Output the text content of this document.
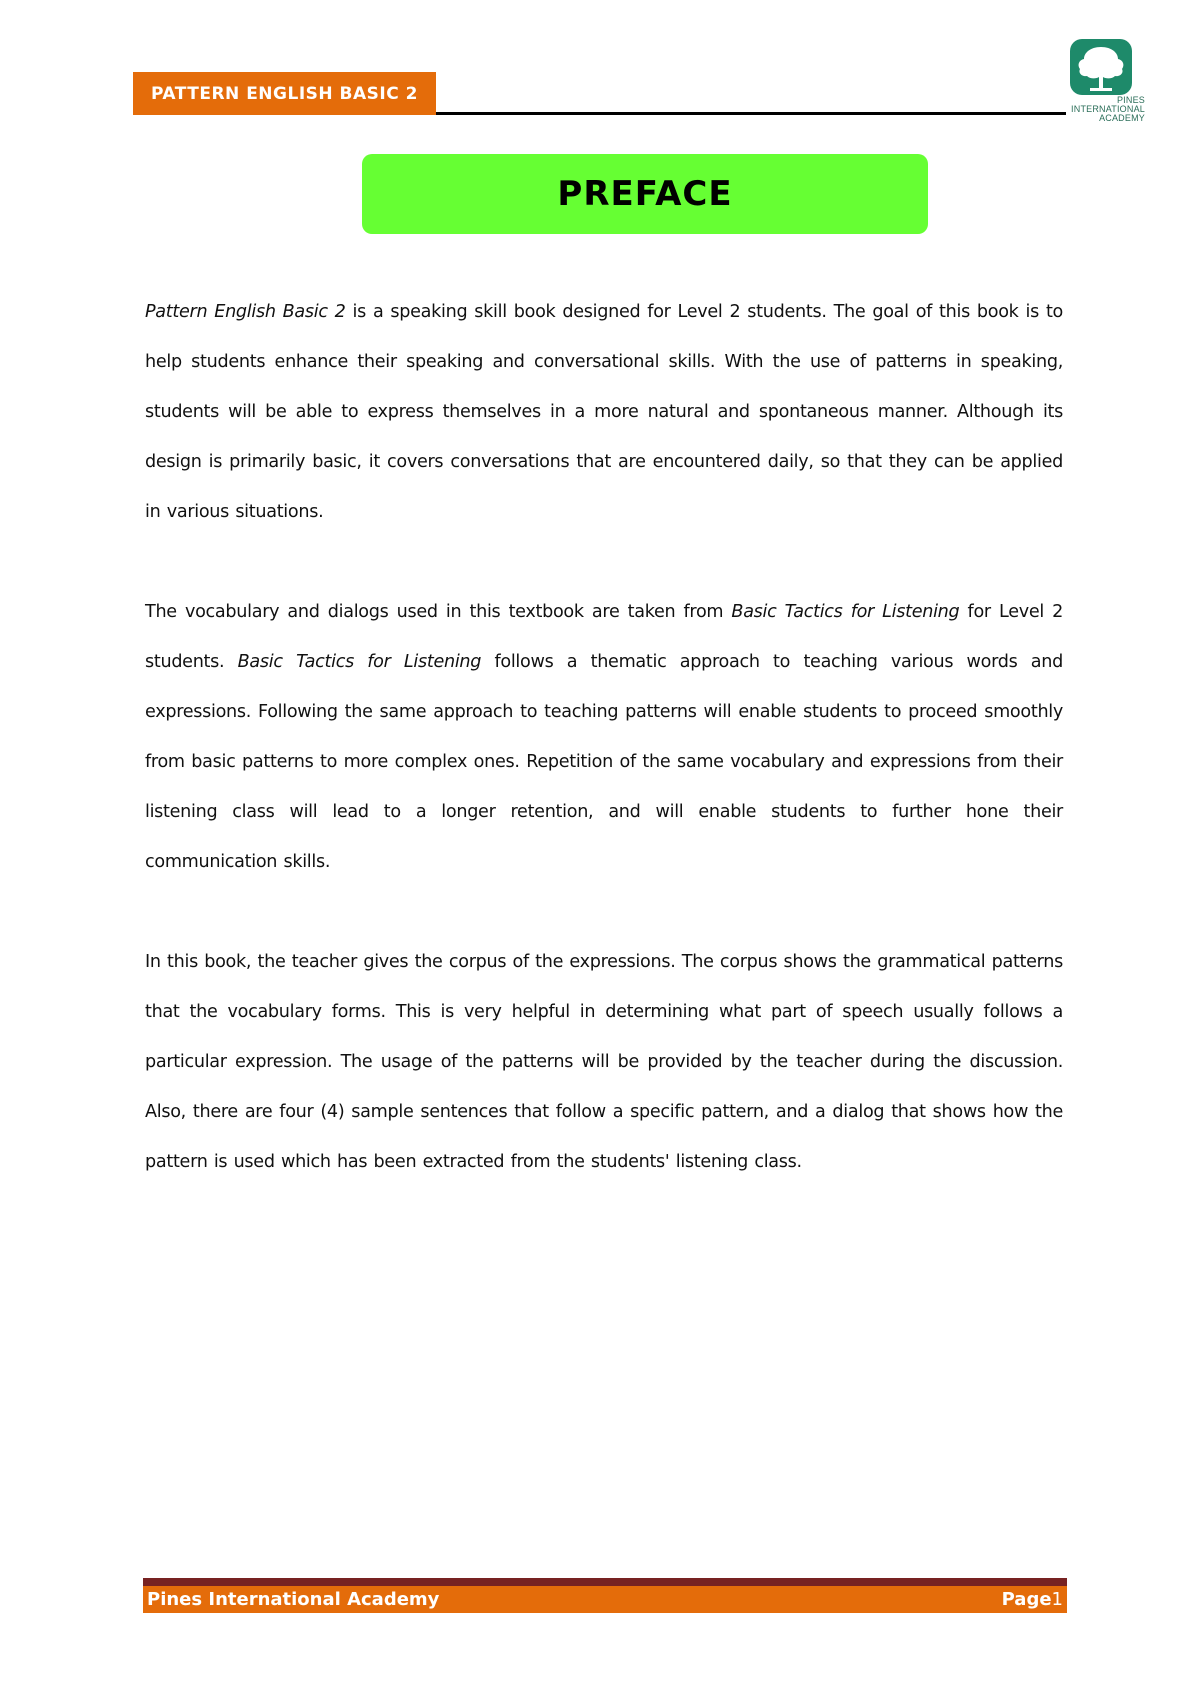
PATTERN ENGLISH BASIC 2	PINES
INTERNATIONAL
ACADEMY
PREFACE

Pattern English Basic 2 is a speaking skill book designed for Level 2 students. The goal of this book is to help students enhance their speaking and conversational skills. With the use of patterns in speaking, students will be able to express themselves in a more natural and spontaneous manner. Although its design is primarily basic, it covers conversations that are encountered daily, so that they can be applied in various situations.

The vocabulary and dialogs used in this textbook are taken from Basic Tactics for Listening for Level 2 students. Basic Tactics for Listening follows a thematic approach to teaching various words and expressions. Following the same approach to teaching patterns will enable students to proceed smoothly from basic patterns to more complex ones. Repetition of the same vocabulary and expressions from their listening class will lead to a longer retention, and will enable students to further hone their communication skills.

In this book, the teacher gives the corpus of the expressions. The corpus shows the grammatical patterns that the vocabulary forms. This is very helpful in determining what part of speech usually follows a particular expression. The usage of the patterns will be provided by the teacher during the discussion. Also, there are four (4) sample sentences that follow a specific pattern, and a dialog that shows how the pattern is used which has been extracted from the students' listening class.

Pines International Academy	Page1
